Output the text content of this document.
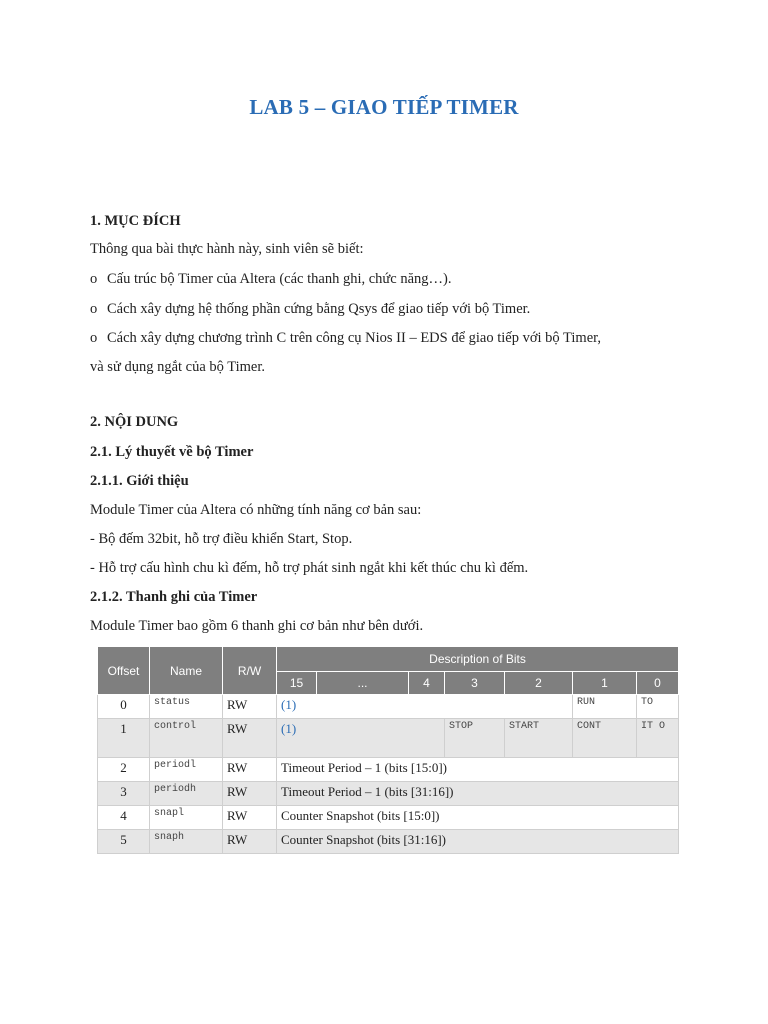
LAB 5 – GIAO TIẾP TIMER
1. MỤC ĐÍCH
Thông qua bài thực hành này, sinh viên sẽ biết:
o Cấu trúc bộ Timer của Altera (các thanh ghi, chức năng…).
o Cách xây dựng hệ thống phần cứng bằng Qsys để giao tiếp với bộ Timer.
o Cách xây dựng chương trình C trên công cụ Nios II – EDS để giao tiếp với bộ Timer,
và sử dụng ngắt của bộ Timer.
2. NỘI DUNG
2.1. Lý thuyết về bộ Timer
2.1.1. Giới thiệu
Module Timer của Altera có những tính năng cơ bản sau:
- Bộ đếm 32bit, hỗ trợ điều khiển Start, Stop.
- Hỗ trợ cấu hình chu kì đếm, hỗ trợ phát sinh ngắt khi kết thúc chu kì đếm.
2.1.2. Thanh ghi của Timer
Module Timer bao gồm 6 thanh ghi cơ bản như bên dưới.
Offset	Name	R/W	Description of Bits						
			15	...	4	3	2	1	0
0	status	RW	(1)					RUN	TO
1	control	RW	(1)			STOP	START	CONT	IT O
2	periodl	RW	Timeout Period – 1 (bits [15:0])						
3	periodh	RW	Timeout Period – 1 (bits [31:16])						
4	snapl	RW	Counter Snapshot (bits [15:0])						
5	snaph	RW	Counter Snapshot (bits [31:16])						
